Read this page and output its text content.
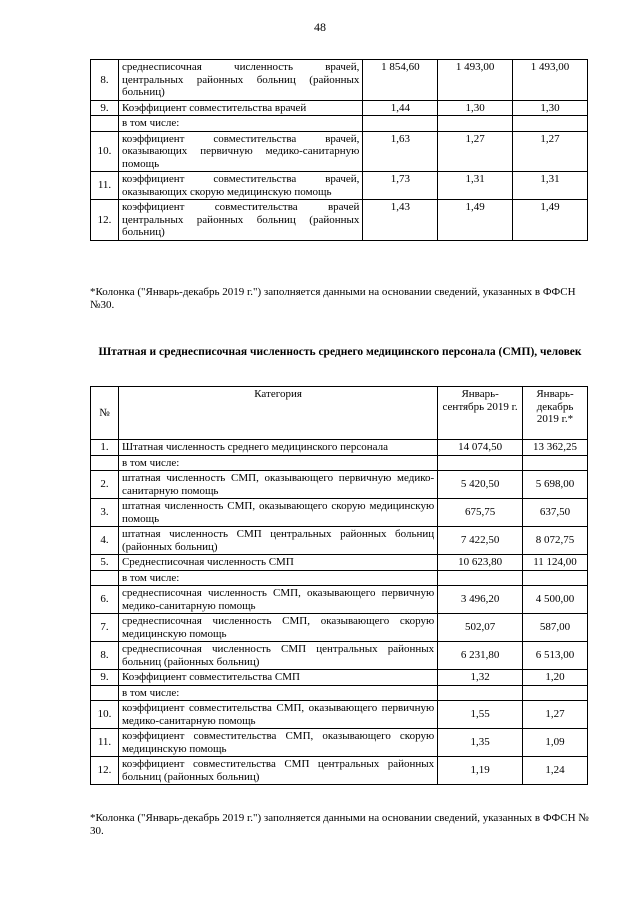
48
8.	среднесписочная численность врачей, центральных районных больниц (районных больниц)	1 854,60	1 493,00	1 493,00
9.	Коэффициент совместительства врачей	1,44	1,30	1,30
	в том числе:			
10.	коэффициент совместительства врачей, оказывающих первичную медико-санитарную помощь	1,63	1,27	1,27
11.	коэффициент совместительства врачей, оказывающих скорую медицинскую помощь	1,73	1,31	1,31
12.	коэффициент совместительства врачей центральных районных больниц (районных больниц)	1,43	1,49	1,49
*Колонка ("Январь-декабрь 2019 г.") заполняется данными на основании сведений, указанных в ФФСН №30.
Штатная и среднесписочная численность среднего медицинского персонала (СМП), человек
№	Категория	Январь-сентябрь 2019 г.	Январь-декабрь 2019 г.*
1.	Штатная численность среднего медицинского персонала	14 074,50	13 362,25
	в том числе:		
2.	штатная численность СМП, оказывающего первичную медико-санитарную помощь	5 420,50	5 698,00
3.	штатная численность СМП, оказывающего скорую медицинскую помощь	675,75	637,50
4.	штатная численность СМП центральных районных больниц (районных больниц)	7 422,50	8 072,75
5.	Среднесписочная численность СМП	10 623,80	11 124,00
	в том числе:		
6.	среднесписочная численность СМП, оказывающего первичную медико-санитарную помощь	3 496,20	4 500,00
7.	среднесписочная численность СМП, оказывающего скорую медицинскую помощь	502,07	587,00
8.	среднесписочная численность СМП центральных районных больниц (районных больниц)	6 231,80	6 513,00
9.	Коэффициент совместительства СМП	1,32	1,20
	в том числе:		
10.	коэффициент совместительства СМП, оказывающего первичную медико-санитарную помощь	1,55	1,27
11.	коэффициент совместительства СМП, оказывающего скорую медицинскую помощь	1,35	1,09
12.	коэффициент совместительства СМП центральных районных больниц (районных больниц)	1,19	1,24
*Колонка ("Январь-декабрь 2019 г.") заполняется данными на основании сведений, указанных в ФФСН № 30.
